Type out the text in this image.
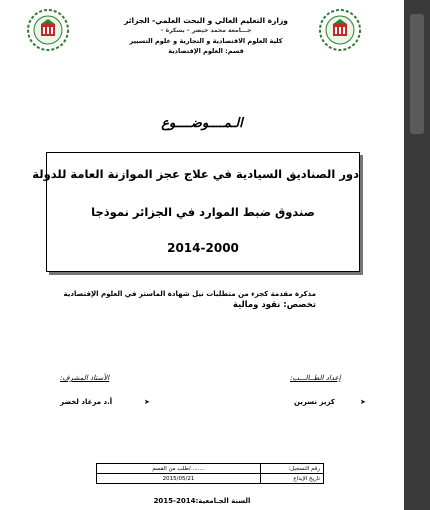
وزارة التعليم العالي و البحث العلمي- الجزائر
جـــامعة محمد خيضر – بسكرة –
كلية العلوم الاقتصادية و التجارية و علوم التسيير
قسم: العلوم الإقتصادية
الـمــــوضــــوع
دور الصناديق السيادية في علاج عجز الموازنة العامة للدولة
صندوق ضبط الموارد في الجزائر نموذجا
2014-2000
مذكرة مقدمة كجزء من متطلبات نيل شهادة الماستر في العلوم الإقتصادية
تخصص: نقود ومالية
إعداد الطــالـــب:
الأستاذ المشرف:
➤
كزيز نسرين
➤
أ.د مرغاد لخضر
رقم التسجيل:	......../طلب من القسم
تاريخ الإيداع	2015/05/21
السنة الجـامعية:2014-2015
